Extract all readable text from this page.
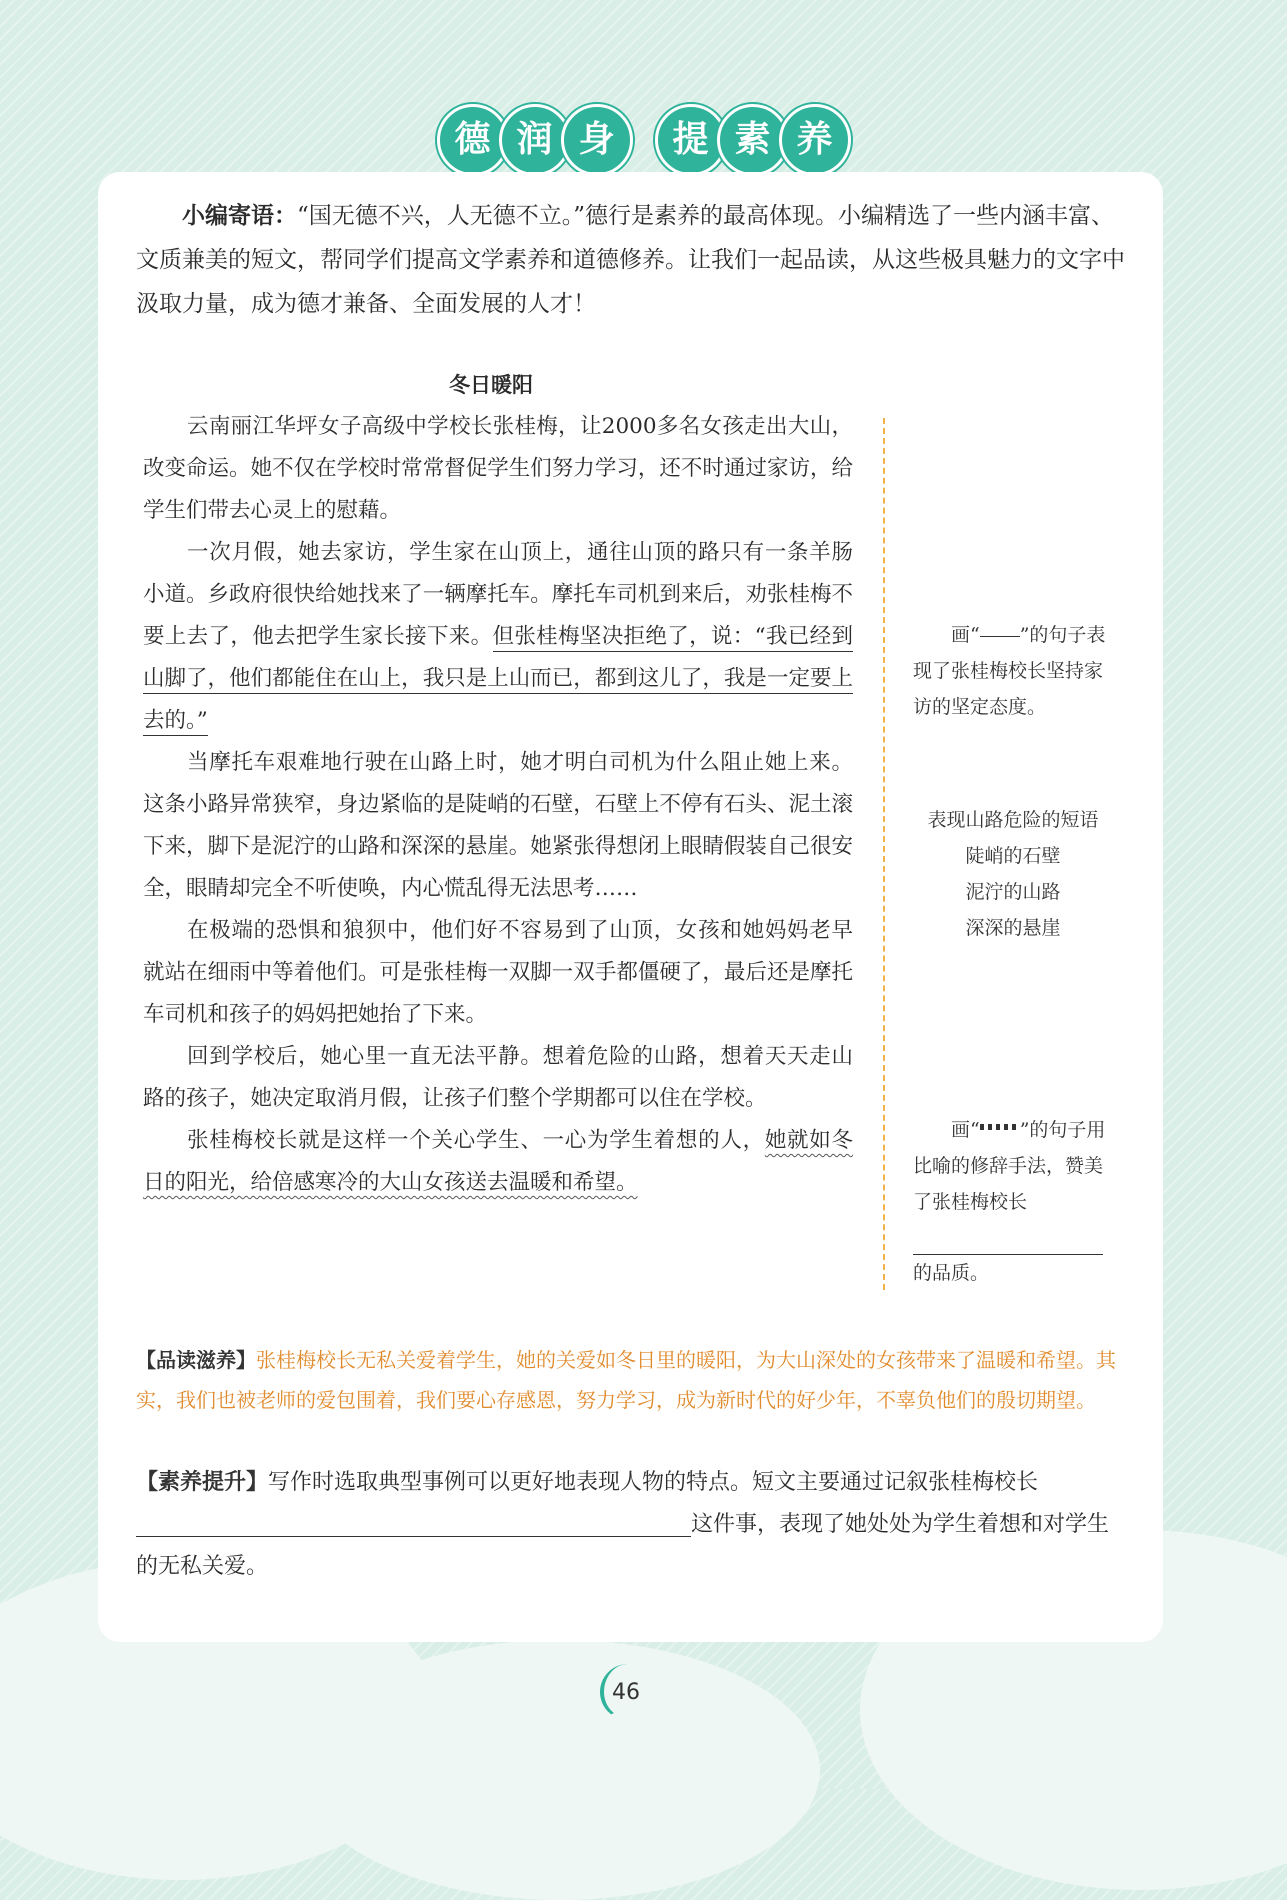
德 润 身	提 素 养

小编寄语：“国无德不兴，人无德不立。”德行是素养的最高体现。小编精选了一些内涵丰富、文质兼美的短文，帮同学们提高文学素养和道德修养。让我们一起品读，从这些极具魅力的文字中汲取力量，成为德才兼备、全面发展的人才！

冬日暖阳

云南丽江华坪女子高级中学校长张桂梅，让2000多名女孩走出大山，改变命运。她不仅在学校时常常督促学生们努力学习，还不时通过家访，给学生们带去心灵上的慰藉。

一次月假，她去家访，学生家在山顶上，通往山顶的路只有一条羊肠小道。乡政府很快给她找来了一辆摩托车。摩托车司机到来后，劝张桂梅不要上去了，他去把学生家长接下来。但张桂梅坚决拒绝了，说：“我已经到山脚了，他们都能住在山上，我只是上山而已，都到这儿了，我是一定要上去的。”

当摩托车艰难地行驶在山路上时，她才明白司机为什么阻止她上来。这条小路异常狭窄，身边紧临的是陡峭的石壁，石壁上不停有石头、泥土滚下来，脚下是泥泞的山路和深深的悬崖。她紧张得想闭上眼睛假装自己很安全，眼睛却完全不听使唤，内心慌乱得无法思考……

在极端的恐惧和狼狈中，他们好不容易到了山顶，女孩和她妈妈老早就站在细雨中等着他们。可是张桂梅一双脚一双手都僵硬了，最后还是摩托车司机和孩子的妈妈把她抬了下来。

回到学校后，她心里一直无法平静。想着危险的山路，想着天天走山路的孩子，她决定取消月假，让孩子们整个学期都可以住在学校。

张桂梅校长就是这样一个关心学生、一心为学生着想的人，她就如冬日的阳光，给倍感寒冷的大山女孩送去温暖和希望。

画“ ”的句子表现了张桂梅校长坚持家访的坚定态度。
表现山路危险的短语
陡峭的石壁
泥泞的山路
深深的悬崖
画“ ”的句子用比喻的修辞手法，赞美了张桂梅校长
的品质。

【品读滋养】张桂梅校长无私关爱着学生，她的关爱如冬日里的暖阳，为大山深处的女孩带来了温暖和希望。其实，我们也被老师的爱包围着，我们要心存感恩，努力学习，成为新时代的好少年，不辜负他们的殷切期望。

【素养提升】写作时选取典型事例可以更好地表现人物的特点。短文主要通过记叙张桂梅校长这件事，表现了她处处为学生着想和对学生的无私关爱。

46
